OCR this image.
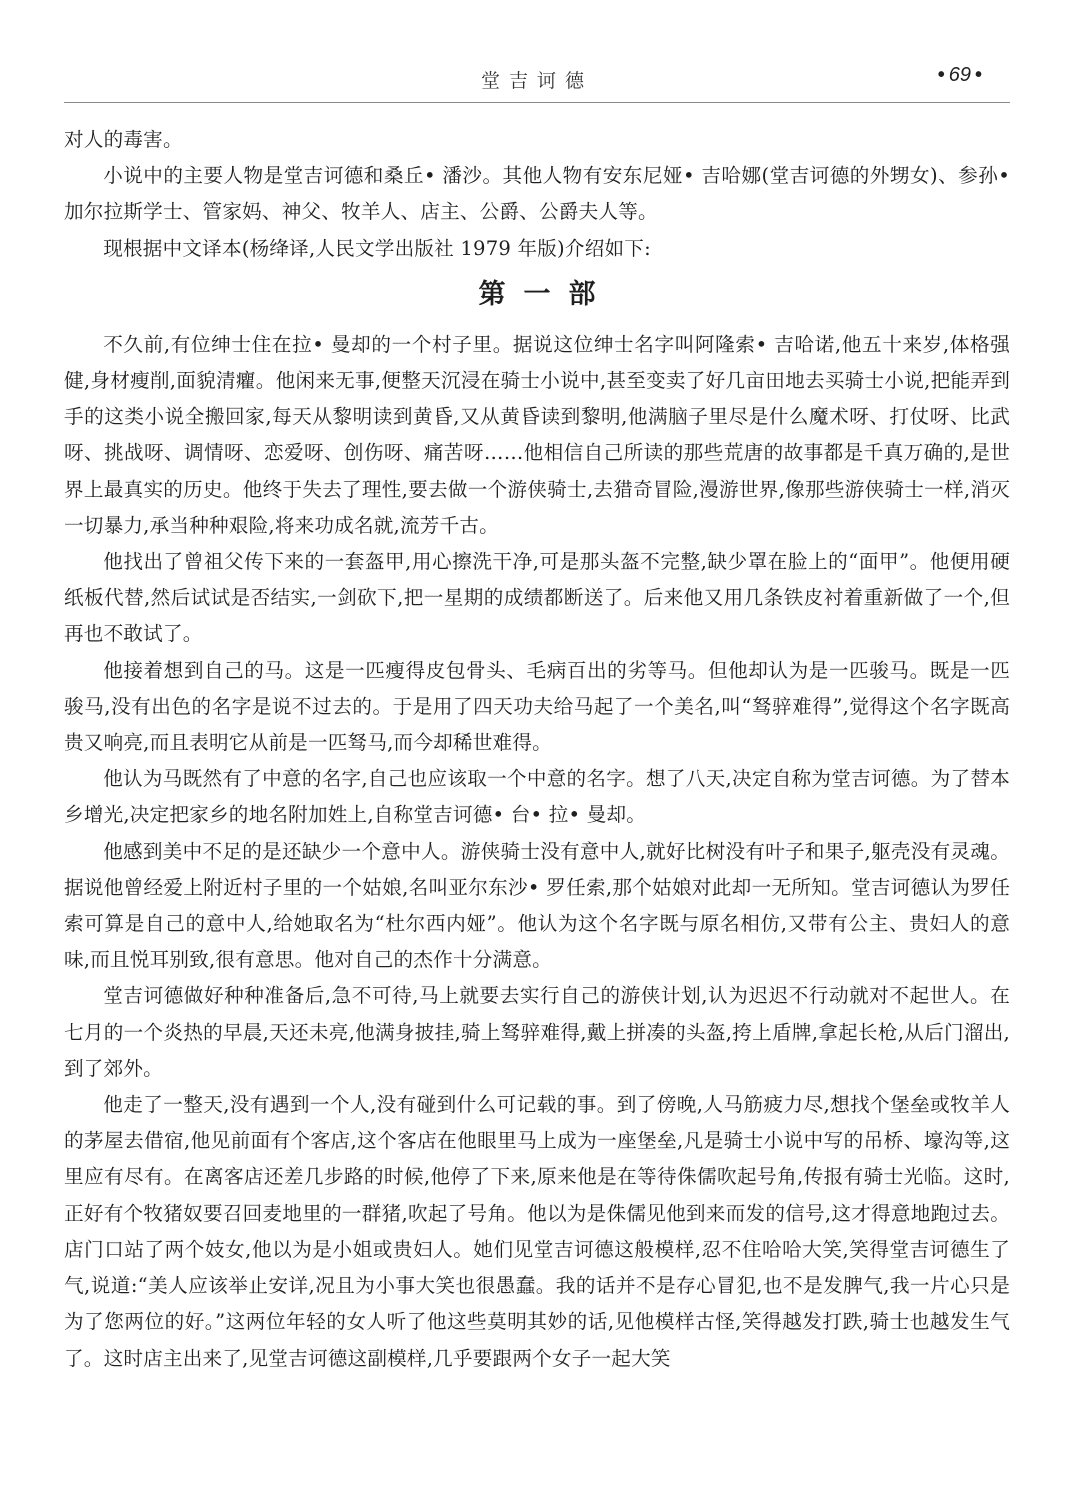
堂吉诃德	• 69 •

对人的毒害。

小说中的主要人物是堂吉诃德和桑丘• 潘沙。其他人物有安东尼娅• 吉哈娜(堂吉诃德的外甥女)、参孙• 加尔拉斯学士、管家妈、神父、牧羊人、店主、公爵、公爵夫人等。

现根据中文译本(杨绛译,人民文学出版社 1979 年版)介绍如下:

第一部

不久前,有位绅士住在拉• 曼却的一个村子里。据说这位绅士名字叫阿隆索• 吉哈诺,他五十来岁,体格强健,身材瘦削,面貌清癯。他闲来无事,便整天沉浸在骑士小说中,甚至变卖了好几亩田地去买骑士小说,把能弄到手的这类小说全搬回家,每天从黎明读到黄昏,又从黄昏读到黎明,他满脑子里尽是什么魔术呀、打仗呀、比武呀、挑战呀、调情呀、恋爱呀、创伤呀、痛苦呀……他相信自己所读的那些荒唐的故事都是千真万确的,是世界上最真实的历史。他终于失去了理性,要去做一个游侠骑士,去猎奇冒险,漫游世界,像那些游侠骑士一样,消灭一切暴力,承当种种艰险,将来功成名就,流芳千古。

他找出了曾祖父传下来的一套盔甲,用心擦洗干净,可是那头盔不完整,缺少罩在脸上的“面甲”。他便用硬纸板代替,然后试试是否结实,一剑砍下,把一星期的成绩都断送了。后来他又用几条铁皮衬着重新做了一个,但再也不敢试了。

他接着想到自己的马。这是一匹瘦得皮包骨头、毛病百出的劣等马。但他却认为是一匹骏马。既是一匹骏马,没有出色的名字是说不过去的。于是用了四天功夫给马起了一个美名,叫“驽骍难得”,觉得这个名字既高贵又响亮,而且表明它从前是一匹驽马,而今却稀世难得。

他认为马既然有了中意的名字,自己也应该取一个中意的名字。想了八天,决定自称为堂吉诃德。为了替本乡增光,决定把家乡的地名附加姓上,自称堂吉诃德• 台• 拉• 曼却。

他感到美中不足的是还缺少一个意中人。游侠骑士没有意中人,就好比树没有叶子和果子,躯壳没有灵魂。据说他曾经爱上附近村子里的一个姑娘,名叫亚尔东沙• 罗任索,那个姑娘对此却一无所知。堂吉诃德认为罗任索可算是自己的意中人,给她取名为“杜尔西内娅”。他认为这个名字既与原名相仿,又带有公主、贵妇人的意味,而且悦耳别致,很有意思。他对自己的杰作十分满意。

堂吉诃德做好种种准备后,急不可待,马上就要去实行自己的游侠计划,认为迟迟不行动就对不起世人。在七月的一个炎热的早晨,天还未亮,他满身披挂,骑上驽骍难得,戴上拼凑的头盔,挎上盾牌,拿起长枪,从后门溜出,到了郊外。

他走了一整天,没有遇到一个人,没有碰到什么可记载的事。到了傍晚,人马筋疲力尽,想找个堡垒或牧羊人的茅屋去借宿,他见前面有个客店,这个客店在他眼里马上成为一座堡垒,凡是骑士小说中写的吊桥、壕沟等,这里应有尽有。在离客店还差几步路的时候,他停了下来,原来他是在等待侏儒吹起号角,传报有骑士光临。这时,正好有个牧猪奴要召回麦地里的一群猪,吹起了号角。他以为是侏儒见他到来而发的信号,这才得意地跑过去。店门口站了两个妓女,他以为是小姐或贵妇人。她们见堂吉诃德这般模样,忍不住哈哈大笑,笑得堂吉诃德生了气,说道:“美人应该举止安详,况且为小事大笑也很愚蠢。我的话并不是存心冒犯,也不是发脾气,我一片心只是为了您两位的好。”这两位年轻的女人听了他这些莫明其妙的话,见他模样古怪,笑得越发打跌,骑士也越发生气了。这时店主出来了,见堂吉诃德这副模样,几乎要跟两个女子一起大笑
